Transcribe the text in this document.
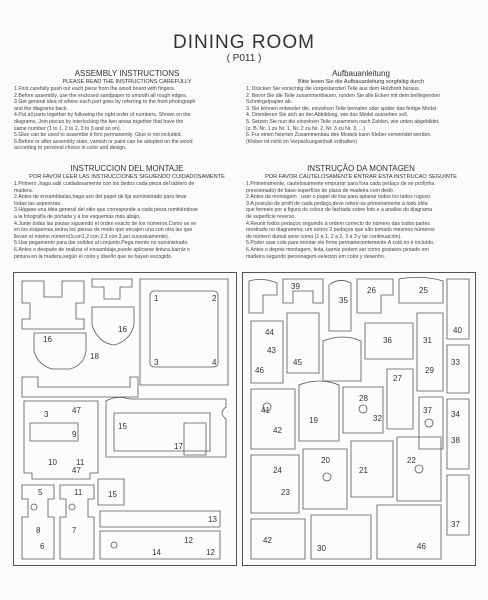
DINING ROOM
( P011 )
ASSEMBLY INSTRUCTIONS
PLEASE READ THE INSTRUCTIONS CAREFULLY
1.First,carefully push out each piece from the wood board with fingers.
2.Before assembly, use the enclosed sandpaper to smooth all rough edges.
3.Get general idea of where each part goes by referring to the front photograph
and the diagrams back.
4.Put all parts together by following the right order of numbers. Shown on the
diagrams, Join pieces by interlocking the two areas together that have the
same number (1 to 1, 2 to 2, 3 to 3 and so on).
5.Glue can be used to assemble it firm permanently. Glue is not included.
6.Before or after assembly stain, varnish or paint can be adopted on the wood
according to personal choice in color and design.
Aufbauanleitung
Bitte lesen Sie die Aufbauanleitung sorgfaltig durch
1. Drücken Sie vorsichtig die vorgestanzten Teile aus dem Holzbrett heraus.
2. Bevor Sie die Teile zusammenbauen, runden Sie alle Ecken mit dem beiliegenden
Schmirgelpapier ab.
3. Sie können entweder die, einzelnen Teile bemalen oder später das fertige Model.
4. Orientieren Sie sich an der Abbildung, wie das Model aussehen soll.
5. Setzen Sie nun die einzelnen Teile zusammen nach Zahlen, wie unten abgebildet.
(z. B. Nr. 1 zu Nr. 1, Nr. 2 zu Nr. 2, Nr. 3 zu Nr. 3, ...)
6. Fur einen fixierten Zusammenbau des Models kann Kleber verwendet werden.
(Kleber ist nicht im Verpackungsinhalt enthalten)
INSTRUCCION DEL MONTAJE
POR FAVOR LEER LAS INSTRUCCIONES SIGUIENDO CUIDADOSAMENTE
1.Primero ,haga salir cuidadosamente con los dedos cada pieza del tablero de
madera.
2.Antes de ensamblarlas,haga uso del papel de lija suministrado para limar
todas las asperezas.
3.Hágase una idea general del sitio que corresponde a cada pieza remitiéndose
a la fotografía de portada y a los esquemas más abajo.
4.Junte todas las piezas siguiendo el orden exacto de los números.Como se ve
en los esquemas,reúna los piezas de modo que encajen una con otra las que
llevan el mismo número(1con1,2 con 2,3 con 3,así sucesivamente).
5.Use pegamento para dar solidez al conjunto.Pega mento no suministrado.
6.Antes o después de realizar el ensamblaje,puede aplicarse tintura,barniz o
pintura en la madera,según el color y diseño que se hayan escogido.
INSTRUÇÃO DA MONTAGEN
POR FAVOR CAUTELOSAMENTE ENTRAR ESTA INSTRUCAO SEGUINTE
1.Primeiramente, cautelosamente empurrar para fora cada pedaço de se prof(nha
pressionado) de base-superfície de placa de madeira com dedo.
2.Antes da montagem , usar o papel de lixa para aplanar todos los lados rugoso.
3.A posição de profil de cada pedaço,deve referir-se primeiramente à todo idéa
que formeis por a figura do colour de fachada sobre foto e a analise do diagrama
de superfície reverso.
4.Reunir todos pedaços seguindo à ordem correcto do número das todos partes
mostrado no diagramma; um estros 2 pedaços que são tomado mesmos números
de número dumal serie coma (1 a 1, 2 a 2, 3 a 3 y lar continuación).
5.Poder usar cola para montar ele firme permanecentemente.A colá no é incluído.
6.Antes o depois montagem, tinta, barniz podem ser como gostares pintado em
madeira segundo personagem-selecion em color y desenho.
16
18
16
1	2
4
3
47
3
9
10 11
15
17
47
5	11
13
8	7
6
12
14
15
12
39
35
26	25
44
43
45
46
36
40
41
42
19
28
32
27
29
31
33
34
24
20
37
38
21
22
23
30	46
37
42
